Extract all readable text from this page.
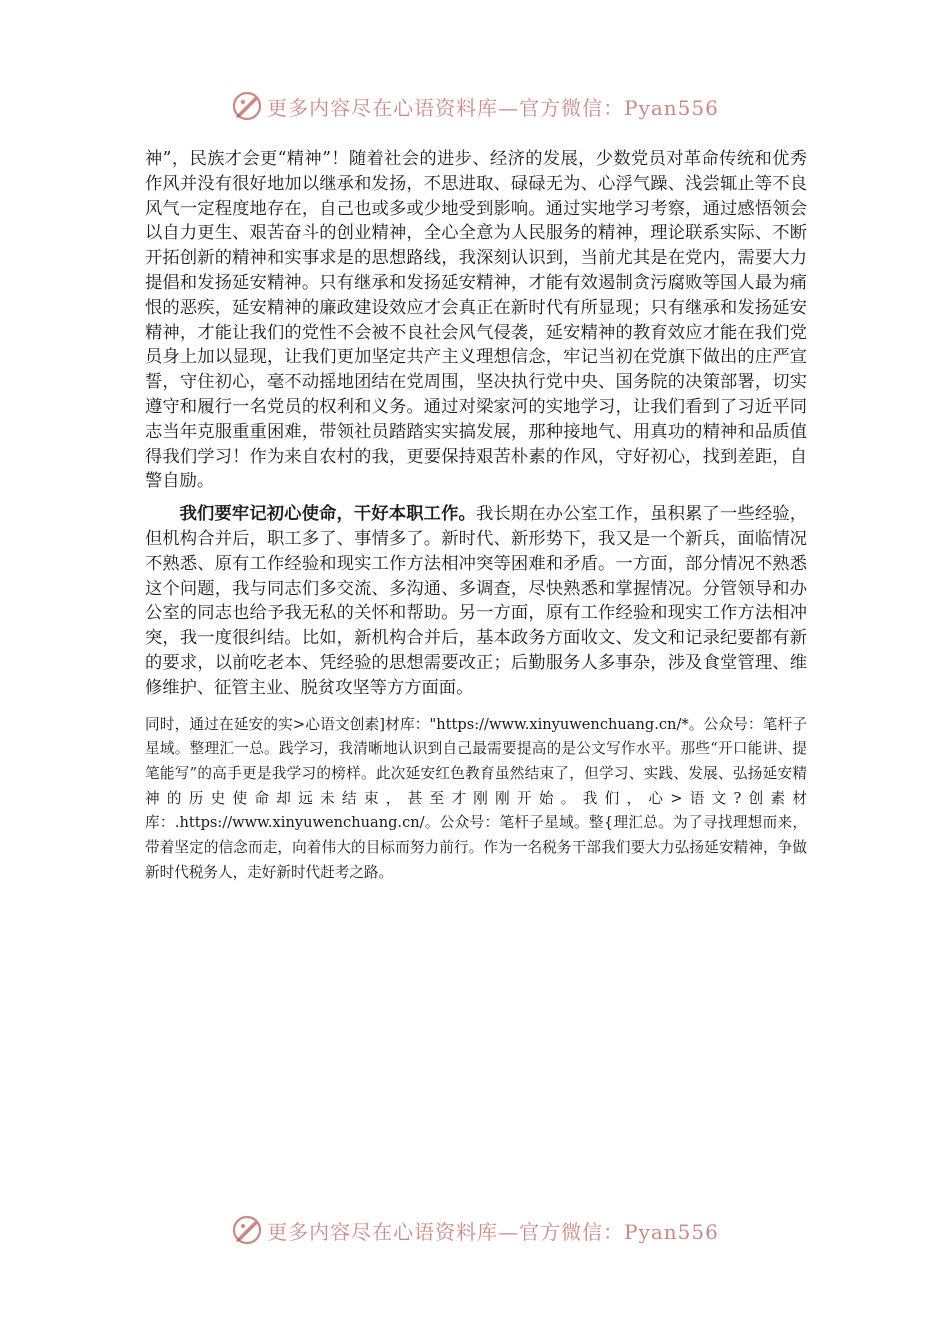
更多内容尽在心语资料库—官方微信：Pyan556

神”，民族才会更“精神”！随着社会的进步、经济的发展，少数党员对革命传统和优秀作风并没有很好地加以继承和发扬，不思进取、碌碌无为、心浮气躁、浅尝辄止等不良风气一定程度地存在，自己也或多或少地受到影响。通过实地学习考察，通过感悟领会以自力更生、艰苦奋斗的创业精神，全心全意为人民服务的精神，理论联系实际、不断开拓创新的精神和实事求是的思想路线，我深刻认识到，当前尤其是在党内，需要大力提倡和发扬延安精神。只有继承和发扬延安精神，才能有效遏制贪污腐败等国人最为痛恨的恶疾，延安精神的廉政建设效应才会真正在新时代有所显现；只有继承和发扬延安精神，才能让我们的党性不会被不良社会风气侵袭，延安精神的教育效应才能在我们党员身上加以显现，让我们更加坚定共产主义理想信念，牢记当初在党旗下做出的庄严宣誓，守住初心，毫不动摇地团结在党周围，坚决执行党中央、国务院的决策部署，切实遵守和履行一名党员的权利和义务。通过对梁家河的实地学习，让我们看到了习近平同志当年克服重重困难，带领社员踏踏实实搞发展，那种接地气、用真功的精神和品质值得我们学习！作为来自农村的我，更要保持艰苦朴素的作风，守好初心，找到差距，自警自励。

我们要牢记初心使命，干好本职工作。我长期在办公室工作，虽积累了一些经验，但机构合并后，职工多了、事情多了。新时代、新形势下，我又是一个新兵，面临情况不熟悉、原有工作经验和现实工作方法相冲突等困难和矛盾。一方面，部分情况不熟悉这个问题，我与同志们多交流、多沟通、多调查，尽快熟悉和掌握情况。分管领导和办公室的同志也给予我无私的关怀和帮助。另一方面，原有工作经验和现实工作方法相冲突，我一度很纠结。比如，新机构合并后，基本政务方面收文、发文和记录纪要都有新的要求，以前吃老本、凭经验的思想需要改正；后勤服务人多事杂，涉及食堂管理、维修维护、征管主业、脱贫攻坚等方方面面。

同时，通过在延安的实>心语文创素]材库："https://www.xinyuwenchuang.cn/*。公众号：笔杆子星域。整理汇一总。践学习，我清晰地认识到自己最需要提高的是公文写作水平。那些“开口能讲、提笔能写”的高手更是我学习的榜样。此次延安红色教育虽然结束了，但学习、实践、发展、弘扬延安精神的历史使命却远未结束，甚至才刚刚开始。我们，心>语文?创素材库：.https://www.xinyuwenchuang.cn/。公众号：笔杆子星域。整{理汇总。为了寻找理想而来，带着坚定的信念而走，向着伟大的目标而努力前行。作为一名税务干部我们要大力弘扬延安精神，争做新时代税务人，走好新时代赶考之路。

更多内容尽在心语资料库—官方微信：Pyan556
